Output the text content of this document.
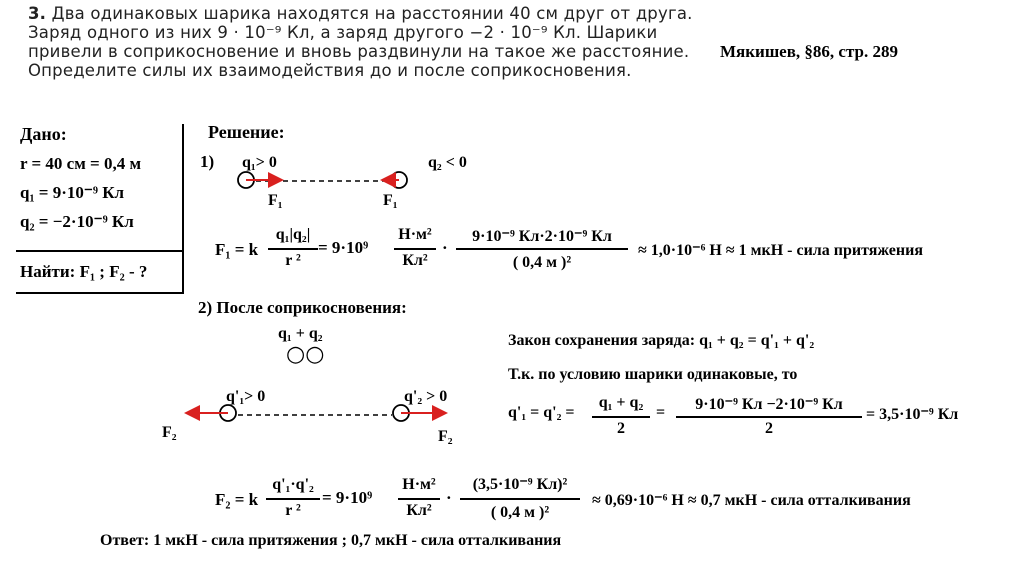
3. Два одинаковых шарика находятся на расстоянии 40 см друг от друга. Заряд одного из них 9 · 10⁻⁹ Кл, а заряд другого −2 · 10⁻⁹ Кл. Шарики привели в соприкосновение и вновь раздвинули на такое же расстояние. Определите силы их взаимодействия до и после соприкосновения.
Мякишев, §86, стр. 289
Дано:
r = 40 см = 0,4 м
q₁ = 9·10⁻⁹ Кл
q₂ = −2·10⁻⁹ Кл
Найти: F₁ ; F₂ - ?
Решение:
1) q₁> 0	q₂ < 0
F₁	F₁
F₁ = k
q₁|q₂|
r ²
= 9·10⁹
Н·м²
Кл²
·
9·10⁻⁹ Кл·2·10⁻⁹ Кл
( 0,4 м )²
≈ 1,0·10⁻⁶ Н ≈ 1 мкН - сила притяжения
2) После соприкосновения:
q₁ + q₂
○○
Закон сохранения заряда: q₁ + q₂ = q'₁ + q'₂
Т.к. по условию шарики одинаковые, то
q'₁> 0	q'₂ > 0
F₂	F₂
q'₁ = q'₂ =
q₁ + q₂
2
=	9·10⁻⁹ Кл −2·10⁻⁹ Кл
2
= 3,5·10⁻⁹ Кл
F₂ = k
q'₁·q'₂
r ²
= 9·10⁹
Н·м²
Кл²
·
(3,5·10⁻⁹ Кл)²
( 0,4 м )²
≈ 0,69·10⁻⁶ Н ≈ 0,7 мкН - сила отталкивания
Ответ: 1 мкН - сила притяжения ; 0,7 мкН - сила отталкивания
